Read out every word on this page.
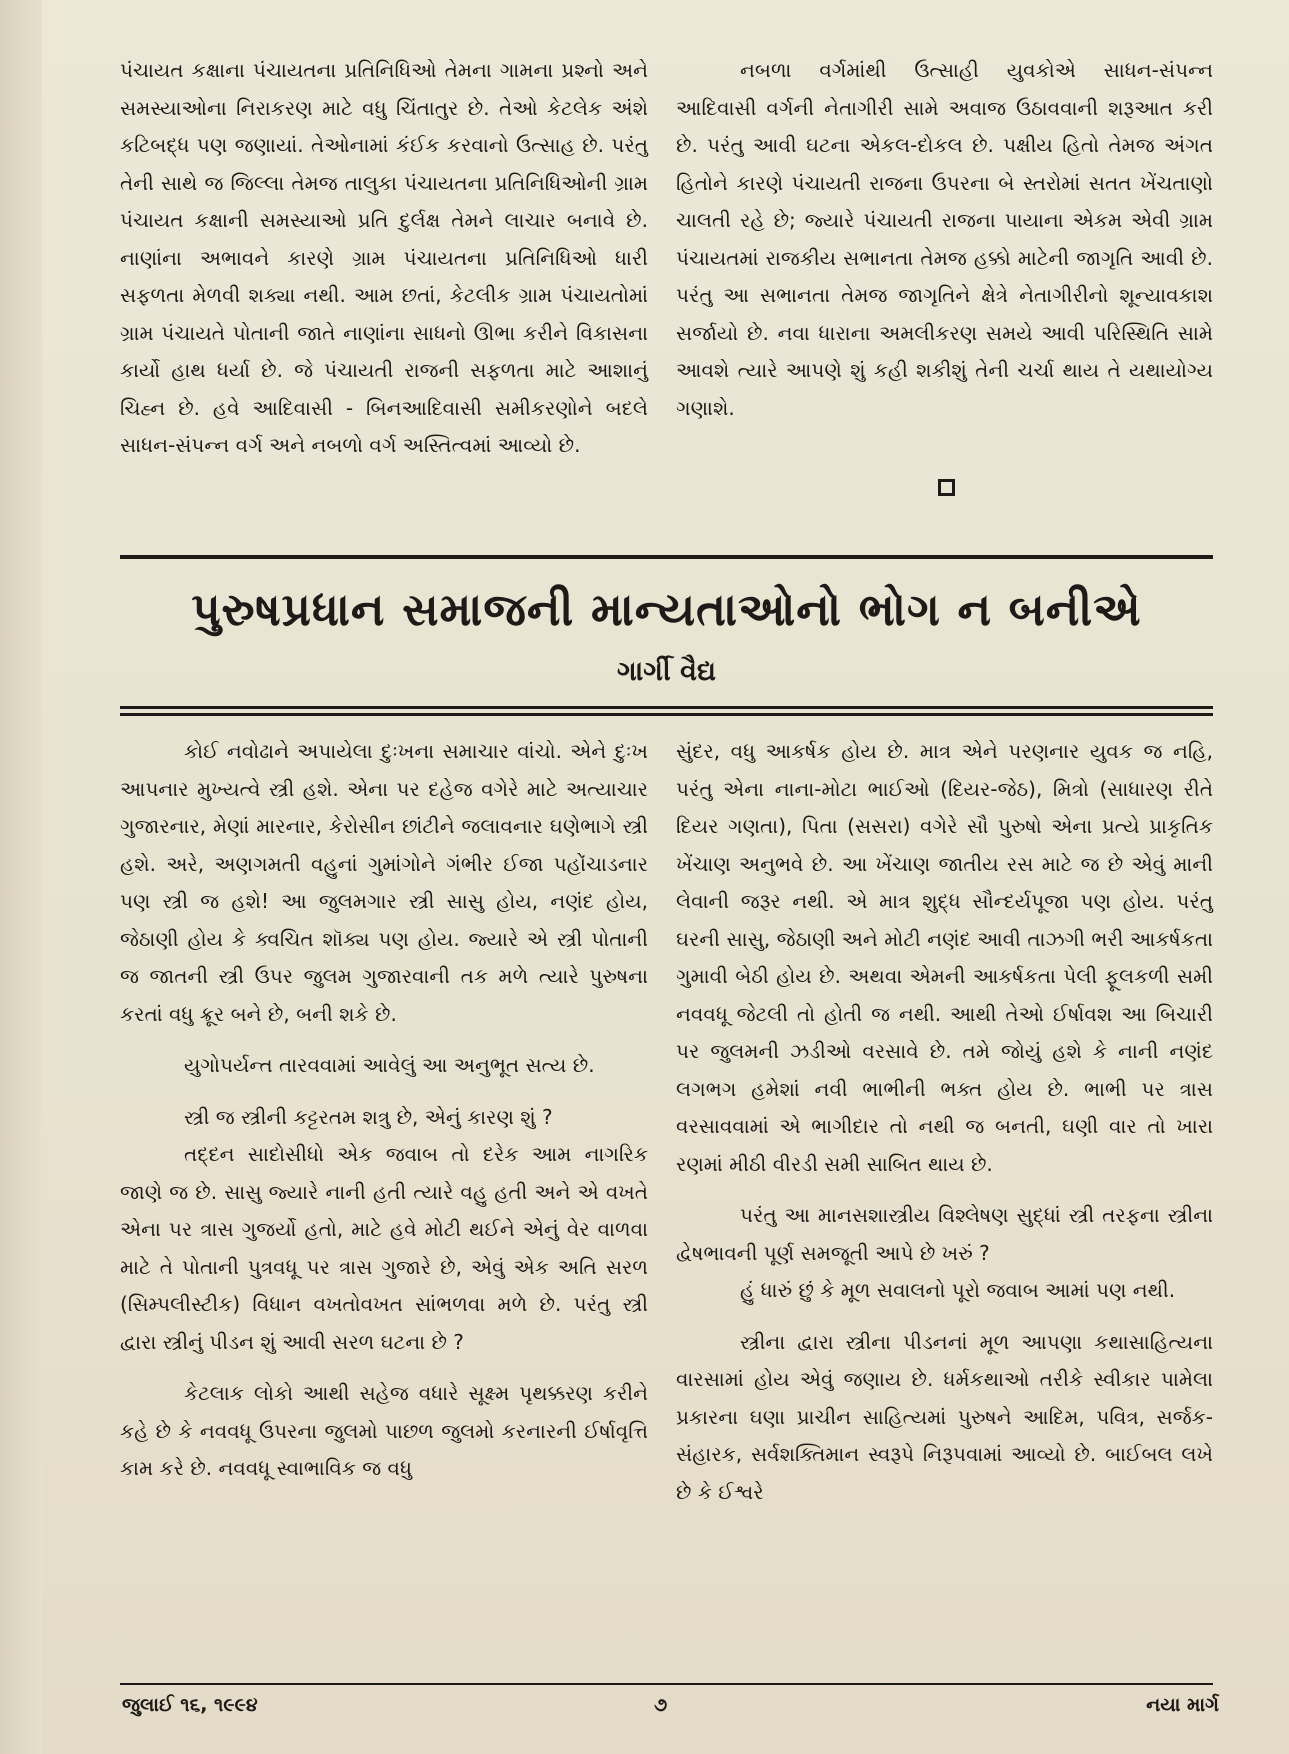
પંચાયત કક્ષાના પંચાયતના પ્રતિનિધિઓ તેમના ગામના પ્રશ્નો અને સમસ્યાઓના નિરાકરણ માટે વધુ ચિંતાતુર છે. તેઓ કેટલેક અંશે કટિબદ્ધ પણ જણાયાં. તેઓનામાં કંઈક કરવાનો ઉત્સાહ છે. પરંતુ તેની સાથે જ જિલ્લા તેમજ તાલુકા પંચાયતના પ્રતિનિધિઓની ગ્રામ પંચાયત કક્ષાની સમસ્યાઓ પ્રતિ દુર્લક્ષ તેમને લાચાર બનાવે છે. નાણાંના અભાવને કારણે ગ્રામ પંચાયતના પ્રતિનિધિઓ ધારી સફળતા મેળવી શક્યા નથી. આમ છતાં, કેટલીક ગ્રામ પંચાયતોમાં ગ્રામ પંચાયતે પોતાની જાતે નાણાંના સાધનો ઊભા કરીને વિકાસના કાર્યો હાથ ધર્યા છે. જે પંચાયતી રાજની સફળતા માટે આશાનું ચિહ્ન છે. હવે આદિવાસી - બિનઆદિવાસી સમીકરણોને બદલે સાધન-સંપન્ન વર્ગ અને નબળો વર્ગ અસ્તિત્વમાં આવ્યો છે.

નબળા વર્ગમાંથી ઉત્સાહી યુવકોએ સાધન-સંપન્ન આદિવાસી વર્ગની નેતાગીરી સામે અવાજ ઉઠાવવાની શરૂઆત કરી છે. પરંતુ આવી ઘટના એકલ-દોકલ છે. પક્ષીય હિતો તેમજ અંગત હિતોને કારણે પંચાયતી રાજના ઉપરના બે સ્તરોમાં સતત ખેંચતાણો ચાલતી રહે છે; જ્યારે પંચાયતી રાજના પાયાના એકમ એવી ગ્રામ પંચાયતમાં રાજકીય સભાનતા તેમજ હક્કો માટેની જાગૃતિ આવી છે. પરંતુ આ સભાનતા તેમજ જાગૃતિને ક્ષેત્રે નેતાગીરીનો શૂન્યાવકાશ સર્જાયો છે. નવા ધારાના અમલીકરણ સમયે આવી પરિસ્થિતિ સામે આવશે ત્યારે આપણે શું કહી શકીશું તેની ચર્ચા થાય તે યથાયોગ્ય ગણાશે.

પુરુષપ્રધાન સમાજની માન્યતાઓનો ભોગ ન બનીએ
ગાર્ગી વૈદ્ય

કોઈ નવોઢાને અપાયેલા દુઃખના સમાચાર વાંચો. એને દુઃખ આપનાર મુખ્યત્વે સ્ત્રી હશે. એના પર દહેજ વગેરે માટે અત્યાચાર ગુજારનાર, મેણાં મારનાર, કેરોસીન છાંટીને જલાવનાર ઘણેભાગે સ્ત્રી હશે. અરે, અણગમતી વહુનાં ગુમાંગોને ગંભીર ઈજા પહોંચાડનાર પણ સ્ત્રી જ હશે! આ જુલમગાર સ્ત્રી સાસુ હોય, નણંદ હોય, જેઠાણી હોય કે ક્વચિત શૉક્ય પણ હોય. જ્યારે એ સ્ત્રી પોતાની જ જાતની સ્ત્રી ઉપર જુલમ ગુજારવાની તક મળે ત્યારે પુરુષના કરતાં વધુ ક્રૂર બને છે, બની શકે છે.

યુગોપર્યન્ત તારવવામાં આવેલું આ અનુભૂત સત્ય છે.

સ્ત્રી જ સ્ત્રીની કટ્ટરતમ શત્રુ છે, એનું કારણ શું ?

તદ્દન સાદોસીધો એક જવાબ તો દરેક આમ નાગરિક જાણે જ છે. સાસુ જ્યારે નાની હતી ત્યારે વહુ હતી અને એ વખતે એના પર ત્રાસ ગુજર્યો હતો, માટે હવે મોટી થઈને એનું વેર વાળવા માટે તે પોતાની પુત્રવધૂ પર ત્રાસ ગુજારે છે, એવું એક અતિ સરળ (સિમ્પલીસ્ટીક) વિધાન વખતોવખત સાંભળવા મળે છે. પરંતુ સ્ત્રી દ્વારા સ્ત્રીનું પીડન શું આવી સરળ ઘટના છે ?

કેટલાક લોકો આથી સહેજ વધારે સૂક્ષ્મ પૃથક્કરણ કરીને કહે છે કે નવવધૂ ઉપરના જુલમો પાછળ જુલમો કરનારની ઈર્ષાવૃત્તિ કામ કરે છે. નવવધૂ સ્વાભાવિક જ વધુ

સુંદર, વધુ આકર્ષક હોય છે. માત્ર એને પરણનાર યુવક જ નહિ, પરંતુ એના નાના-મોટા ભાઈઓ (દિયર-જેઠ), મિત્રો (સાધારણ રીતે દિયર ગણતા), પિતા (સસરા) વગેરે સૌ પુરુષો એના પ્રત્યે પ્રાકૃતિક ખેંચાણ અનુભવે છે. આ ખેંચાણ જાતીય રસ માટે જ છે એવું માની લેવાની જરૂર નથી. એ માત્ર શુદ્ધ સૌન્દર્યપૂજા પણ હોય. પરંતુ ઘરની સાસુ, જેઠાણી અને મોટી નણંદ આવી તાઝગી ભરી આકર્ષકતા ગુમાવી બેઠી હોય છે. અથવા એમની આકર્ષકતા પેલી ફૂલકળી સમી નવવધૂ જેટલી તો હોતી જ નથી. આથી તેઓ ઈર્ષાવશ આ બિચારી પર જુલમની ઝડીઓ વરસાવે છે. તમે જોયું હશે કે નાની નણંદ લગભગ હમેશાં નવી ભાભીની ભક્ત હોય છે. ભાભી પર ત્રાસ વરસાવવામાં એ ભાગીદાર તો નથી જ બનતી, ઘણી વાર તો ખારા રણમાં મીઠી વીરડી સમી સાબિત થાય છે.

પરંતુ આ માનસશાસ્ત્રીય વિશ્લેષણ સુદ્ધાં સ્ત્રી તરફના સ્ત્રીના દ્વેષભાવની પૂર્ણ સમજૂતી આપે છે ખરું ?

હું ધારું છું કે મૂળ સવાલનો પૂરો જવાબ આમાં પણ નથી.

સ્ત્રીના દ્વારા સ્ત્રીના પીડનનાં મૂળ આપણા કથાસાહિત્યના વારસામાં હોય એવું જણાય છે. ધર્મકથાઓ તરીકે સ્વીકાર પામેલા પ્રકારના ઘણા પ્રાચીન સાહિત્યમાં પુરુષને આદિમ, પવિત્ર, સર્જક-સંહારક, સર્વશક્તિમાન સ્વરૂપે નિરૂપવામાં આવ્યો છે. બાઈબલ લખે છે કે ઈશ્વરે

જુલાઈ ૧૬, ૧૯૯૪	૭	નયા માર્ગ
